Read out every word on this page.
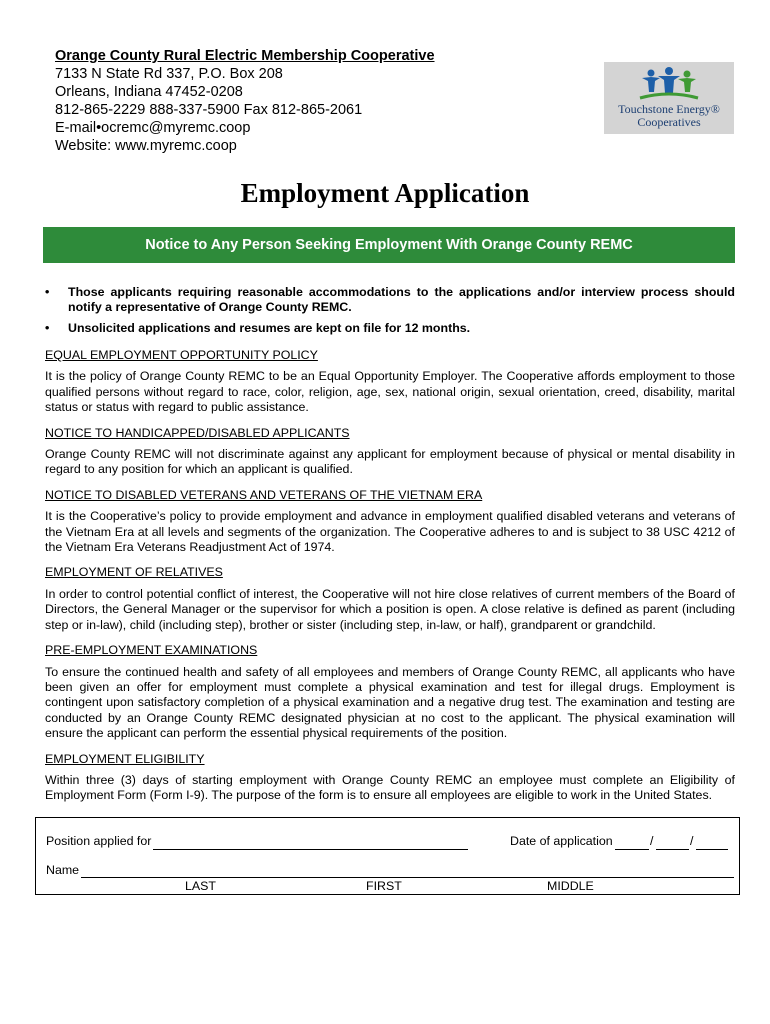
Orange County Rural Electric Membership Cooperative
7133 N State Rd 337, P.O. Box 208
Orleans, Indiana 47452-0208
812-865-2229 888-337-5900 Fax 812-865-2061
E-mail•ocremc@myremc.coop
Website: www.myremc.coop
Touchstone Energy®
Cooperatives
Employment Application
Notice to Any Person Seeking Employment With Orange County REMC
• Those applicants requiring reasonable accommodations to the applications and/or interview process should notify a representative of Orange County REMC.
• Unsolicited applications and resumes are kept on file for 12 months.
EQUAL EMPLOYMENT OPPORTUNITY POLICY
It is the policy of Orange County REMC to be an Equal Opportunity Employer. The Cooperative affords employment to those qualified persons without regard to race, color, religion, age, sex, national origin, sexual orientation, creed, disability, marital status or status with regard to public assistance.
NOTICE TO HANDICAPPED/DISABLED APPLICANTS
Orange County REMC will not discriminate against any applicant for employment because of physical or mental disability in regard to any position for which an applicant is qualified.
NOTICE TO DISABLED VETERANS AND VETERANS OF THE VIETNAM ERA
It is the Cooperative’s policy to provide employment and advance in employment qualified disabled veterans and veterans of the Vietnam Era at all levels and segments of the organization. The Cooperative adheres to and is subject to 38 USC 4212 of the Vietnam Era Veterans Readjustment Act of 1974.
EMPLOYMENT OF RELATIVES
In order to control potential conflict of interest, the Cooperative will not hire close relatives of current members of the Board of Directors, the General Manager or the supervisor for which a position is open. A close relative is defined as parent (including step or in-law), child (including step), brother or sister (including step, in-law, or half), grandparent or grandchild.
PRE-EMPLOYMENT EXAMINATIONS
To ensure the continued health and safety of all employees and members of Orange County REMC, all applicants who have been given an offer for employment must complete a physical examination and test for illegal drugs. Employment is contingent upon satisfactory completion of a physical examination and a negative drug test. The examination and testing are conducted by an Orange County REMC designated physician at no cost to the applicant. The physical examination will ensure the applicant can perform the essential physical requirements of the position.
EMPLOYMENT ELIGIBILITY
Within three (3) days of starting employment with Orange County REMC an employee must complete an Eligibility of Employment Form (Form I-9). The purpose of the form is to ensure all employees are eligible to work in the United States.
Position applied for	Date of application	/	/
Name
LAST	FIRST	MIDDLE
